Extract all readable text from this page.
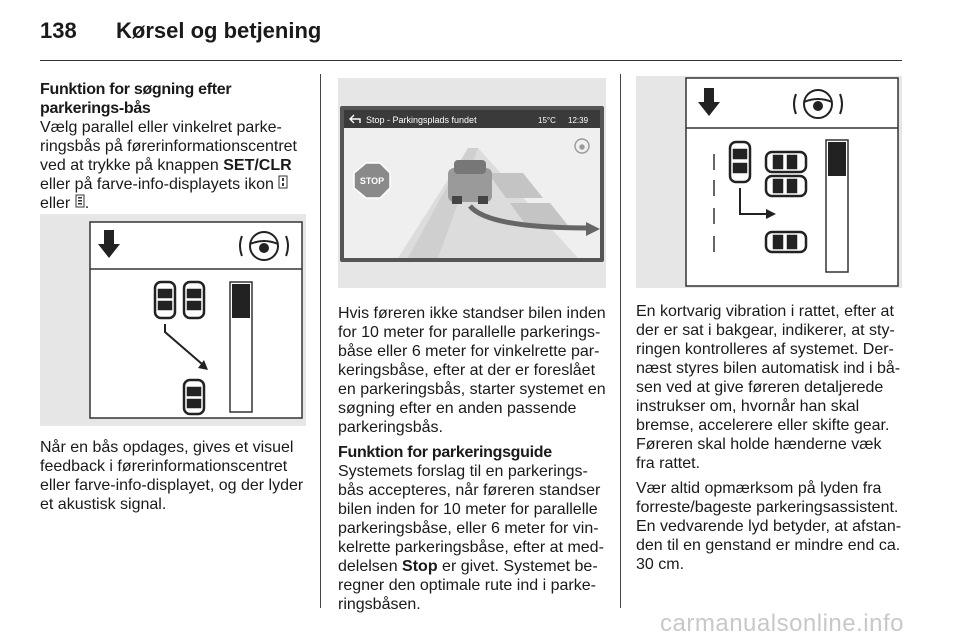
138 Kørsel og betjening

Funktion for søgning efter parkerings-bås

Vælg parallel eller vinkelret parke-ringsbås på førerinformationscentret ved at trykke på knappen SET/CLR eller på farve-info-displayets ikon  eller .

Når en bås opdages, gives et visuel feedback i førerinformationscentret eller farve-info-displayet, og der lyder et akustisk signal.

Stop - Parkingsplads fundet	15°C 12:39
STOP

Hvis føreren ikke standser bilen inden for 10 meter for parallelle parkerings-båse eller 6 meter for vinkelrette par-keringsbåse, efter at der er foreslået en parkeringsbås, starter systemet en søgning efter en anden passende parkeringsbås.

Funktion for parkeringsguide

Systemets forslag til en parkerings-bås accepteres, når føreren standser bilen inden for 10 meter for parallelle parkeringsbåse, eller 6 meter for vin-kelrette parkeringsbåse, efter at med-delelsen Stop er givet. Systemet be-regner den optimale rute ind i parke-ringsbåsen.

En kortvarig vibration i rattet, efter at der er sat i bakgear, indikerer, at sty-ringen kontrolleres af systemet. Der-næst styres bilen automatisk ind i bå-sen ved at give føreren detaljerede instrukser om, hvornår han skal bremse, accelerere eller skifte gear. Føreren skal holde hænderne væk fra rattet.

Vær altid opmærksom på lyden fra forreste/bageste parkeringsassistent. En vedvarende lyd betyder, at afstan-den til en genstand er mindre end ca. 30 cm.

carmanualsonline.info
